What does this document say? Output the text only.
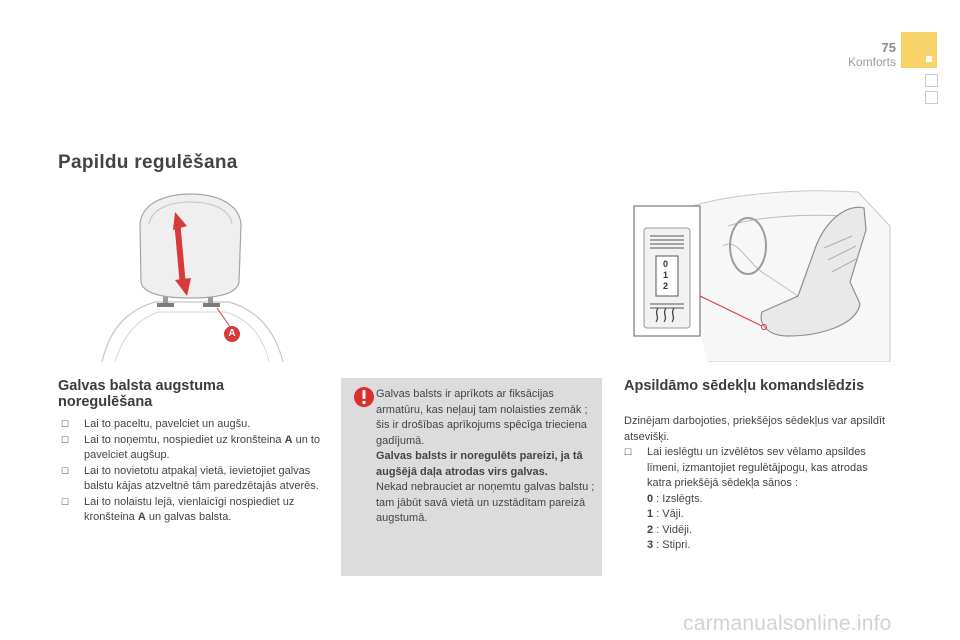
75
Komforts
Papildu regulēšana
A
Galvas balsta augstuma noregulēšana
☐ Lai to paceltu, pavelciet un augšu.
☐ Lai to noņemtu, nospiediet uz kronšteina A un to pavelciet augšup.
☐ Lai to novietotu atpakaļ vietā, ievietojiet galvas balstu kājas atzveltnē tām paredzētajās atverēs.
☐ Lai to nolaistu lejā, vienlaicīgi nospiediet uz kronšteina A un galvas balsta.
Galvas balsts ir aprīkots ar fiksācijas armatūru, kas neļauj tam nolaisties zemāk ; šis ir drošības aprīkojums spēcīga trieciena gadījumā.
Galvas balsts ir noregulēts pareizi, ja tā augšējā daļa atrodas virs galvas.
Nekad nebrauciet ar noņemtu galvas balstu ; tam jābūt savā vietā un uzstādītam pareizā augstumā.
0
1
2
Apsildāmo sēdekļu komandslēdzis
Dzinējam darbojoties, priekšējos sēdekļus var apsildīt atsevišķi.
☐ Lai ieslēgtu un izvēlētos sev vēlamo apsildes līmeni, izmantojiet regulētājpogu, kas atrodas katra priekšējā sēdekļa sānos :
0 : Izslēgts.
1 : Vāji.
2 : Vidēji.
3 : Stipri.
carmanualsonline.info
